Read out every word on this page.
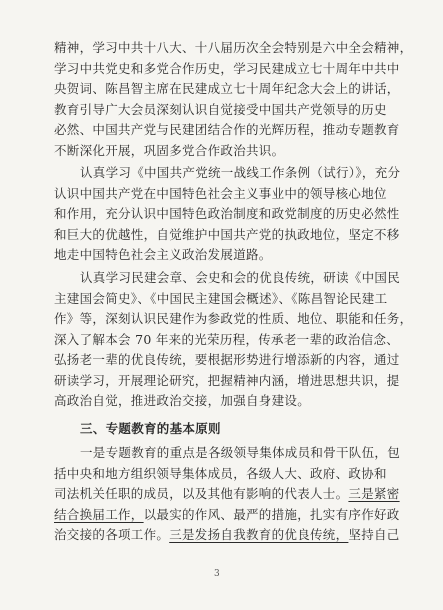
精神，学习中共十八大、十八届历次全会特别是六中全会精神，
学习中共党史和多党合作历史，学习民建成立七十周年中共中
央贺词、陈昌智主席在民建成立七十周年纪念大会上的讲话，
教育引导广大会员深刻认识自觉接受中国共产党领导的历史
必然、中国共产党与民建团结合作的光辉历程，推动专题教育
不断深化开展，巩固多党合作政治共识。
认真学习《中国共产党统一战线工作条例（试行）》，充分
认识中国共产党在中国特色社会主义事业中的领导核心地位
和作用，充分认识中国特色政治制度和政党制度的历史必然性
和巨大的优越性，自觉维护中国共产党的执政地位，坚定不移
地走中国特色社会主义政治发展道路。
认真学习民建会章、会史和会的优良传统，研读《中国民
主建国会简史》、《中国民主建国会概述》、《陈昌智论民建工
作》等，深刻认识民建作为参政党的性质、地位、职能和任务，
深入了解本会 70 年来的光荣历程，传承老一辈的政治信念、
弘扬老一辈的优良传统，要根据形势进行增添新的内容，通过
研读学习，开展理论研究，把握精神内涵，增进思想共识，提
高政治自觉，推进政治交接，加强自身建设。
三、专题教育的基本原则
一是专题教育的重点是各级领导集体成员和骨干队伍，包
括中央和地方组织领导集体成员，各级人大、政府、政协和
司法机关任职的成员，以及其他有影响的代表人士。三是紧密
结合换届工作，以最实的作风、最严的措施，扎实有序作好政
治交接的各项工作。三是发扬自我教育的优良传统，坚持自己
3
